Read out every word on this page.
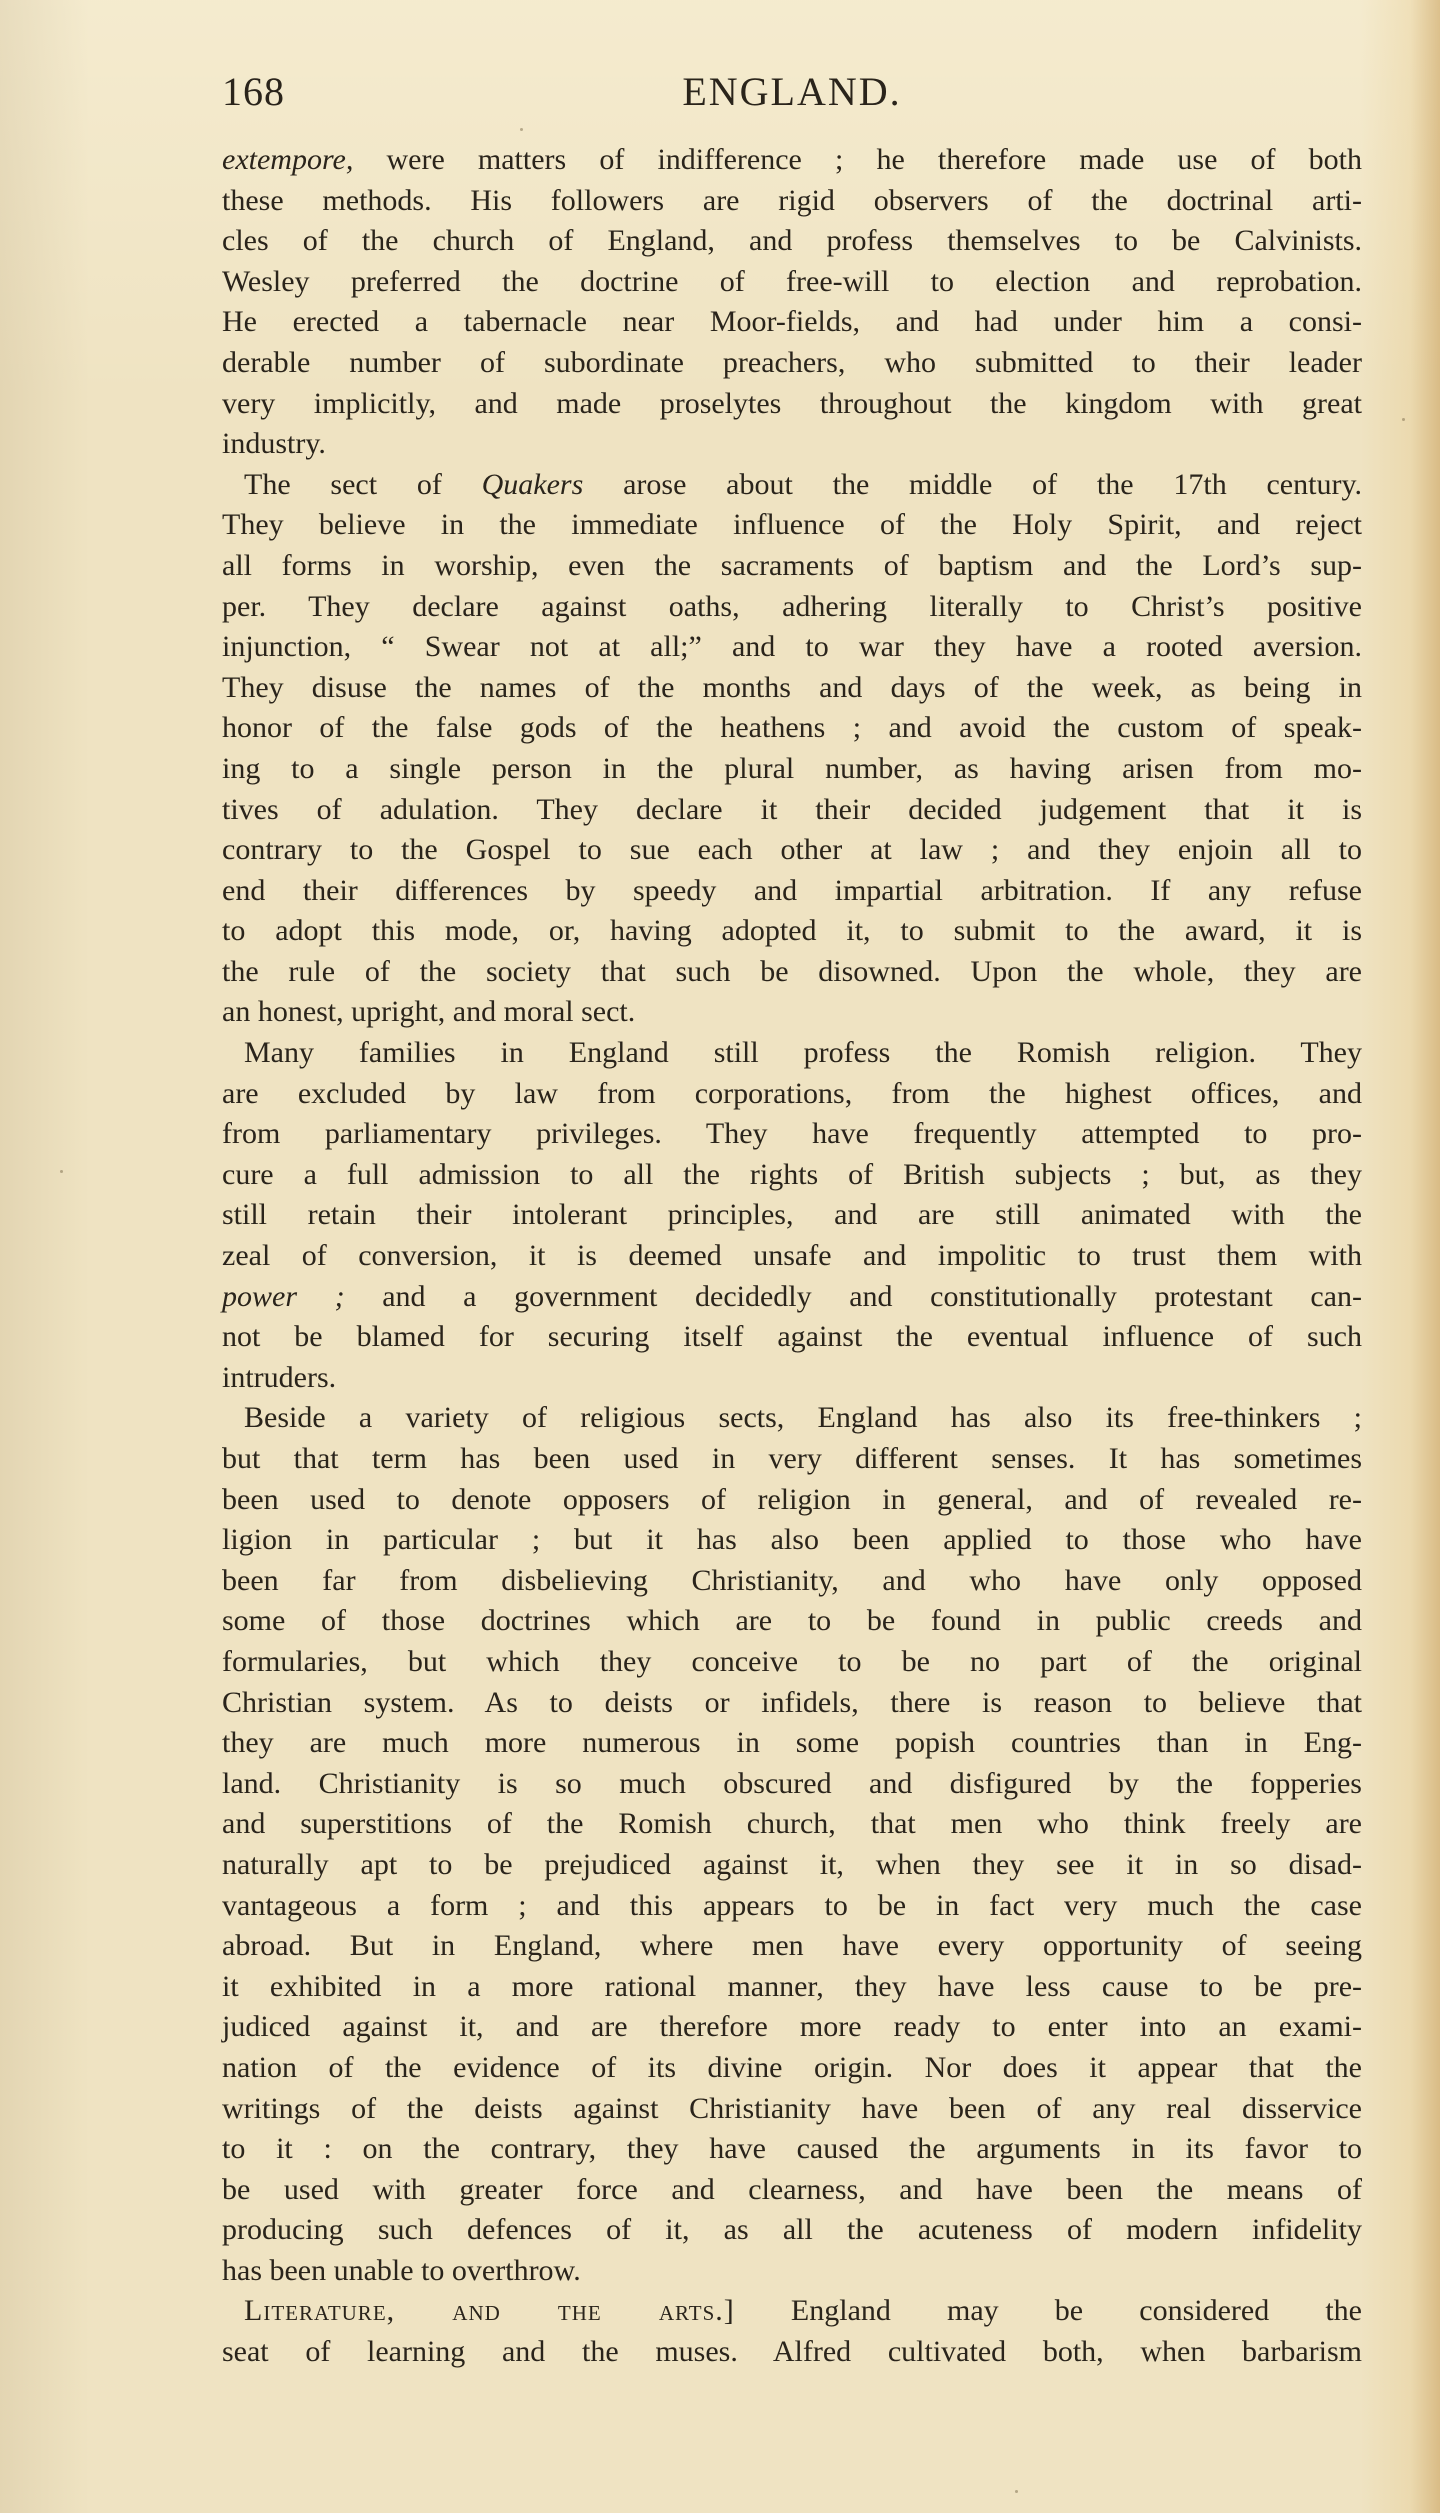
168	ENGLAND.
extempore, were matters of indifference ; he therefore made use of both
these methods. His followers are rigid observers of the doctrinal arti-
cles of the church of England, and profess themselves to be Calvinists.
Wesley preferred the doctrine of free-will to election and reprobation.
He erected a tabernacle near Moor-fields, and had under him a consi-
derable number of subordinate preachers, who submitted to their leader
very implicitly, and made proselytes throughout the kingdom with great
industry.
The sect of Quakers arose about the middle of the 17th century.
They believe in the immediate influence of the Holy Spirit, and reject
all forms in worship, even the sacraments of baptism and the Lord’s sup-
per. They declare against oaths, adhering literally to Christ’s positive
injunction, “ Swear not at all;” and to war they have a rooted aversion.
They disuse the names of the months and days of the week, as being in
honor of the false gods of the heathens ; and avoid the custom of speak-
ing to a single person in the plural number, as having arisen from mo-
tives of adulation. They declare it their decided judgement that it is
contrary to the Gospel to sue each other at law ; and they enjoin all to
end their differences by speedy and impartial arbitration. If any refuse
to adopt this mode, or, having adopted it, to submit to the award, it is
the rule of the society that such be disowned. Upon the whole, they are
an honest, upright, and moral sect.
Many families in England still profess the Romish religion. They
are excluded by law from corporations, from the highest offices, and
from parliamentary privileges. They have frequently attempted to pro-
cure a full admission to all the rights of British subjects ; but, as they
still retain their intolerant principles, and are still animated with the
zeal of conversion, it is deemed unsafe and impolitic to trust them with
power ; and a government decidedly and constitutionally protestant can-
not be blamed for securing itself against the eventual influence of such
intruders.
Beside a variety of religious sects, England has also its free-thinkers ;
but that term has been used in very different senses. It has sometimes
been used to denote opposers of religion in general, and of revealed re-
ligion in particular ; but it has also been applied to those who have
been far from disbelieving Christianity, and who have only opposed
some of those doctrines which are to be found in public creeds and
formularies, but which they conceive to be no part of the original
Christian system. As to deists or infidels, there is reason to believe that
they are much more numerous in some popish countries than in Eng-
land. Christianity is so much obscured and disfigured by the fopperies
and superstitions of the Romish church, that men who think freely are
naturally apt to be prejudiced against it, when they see it in so disad-
vantageous a form ; and this appears to be in fact very much the case
abroad. But in England, where men have every opportunity of seeing
it exhibited in a more rational manner, they have less cause to be pre-
judiced against it, and are therefore more ready to enter into an exami-
nation of the evidence of its divine origin. Nor does it appear that the
writings of the deists against Christianity have been of any real disservice
to it : on the contrary, they have caused the arguments in its favor to
be used with greater force and clearness, and have been the means of
producing such defences of it, as all the acuteness of modern infidelity
has been unable to overthrow.
Literature, and the arts.] England may be considered the
seat of learning and the muses. Alfred cultivated both, when barbarism
